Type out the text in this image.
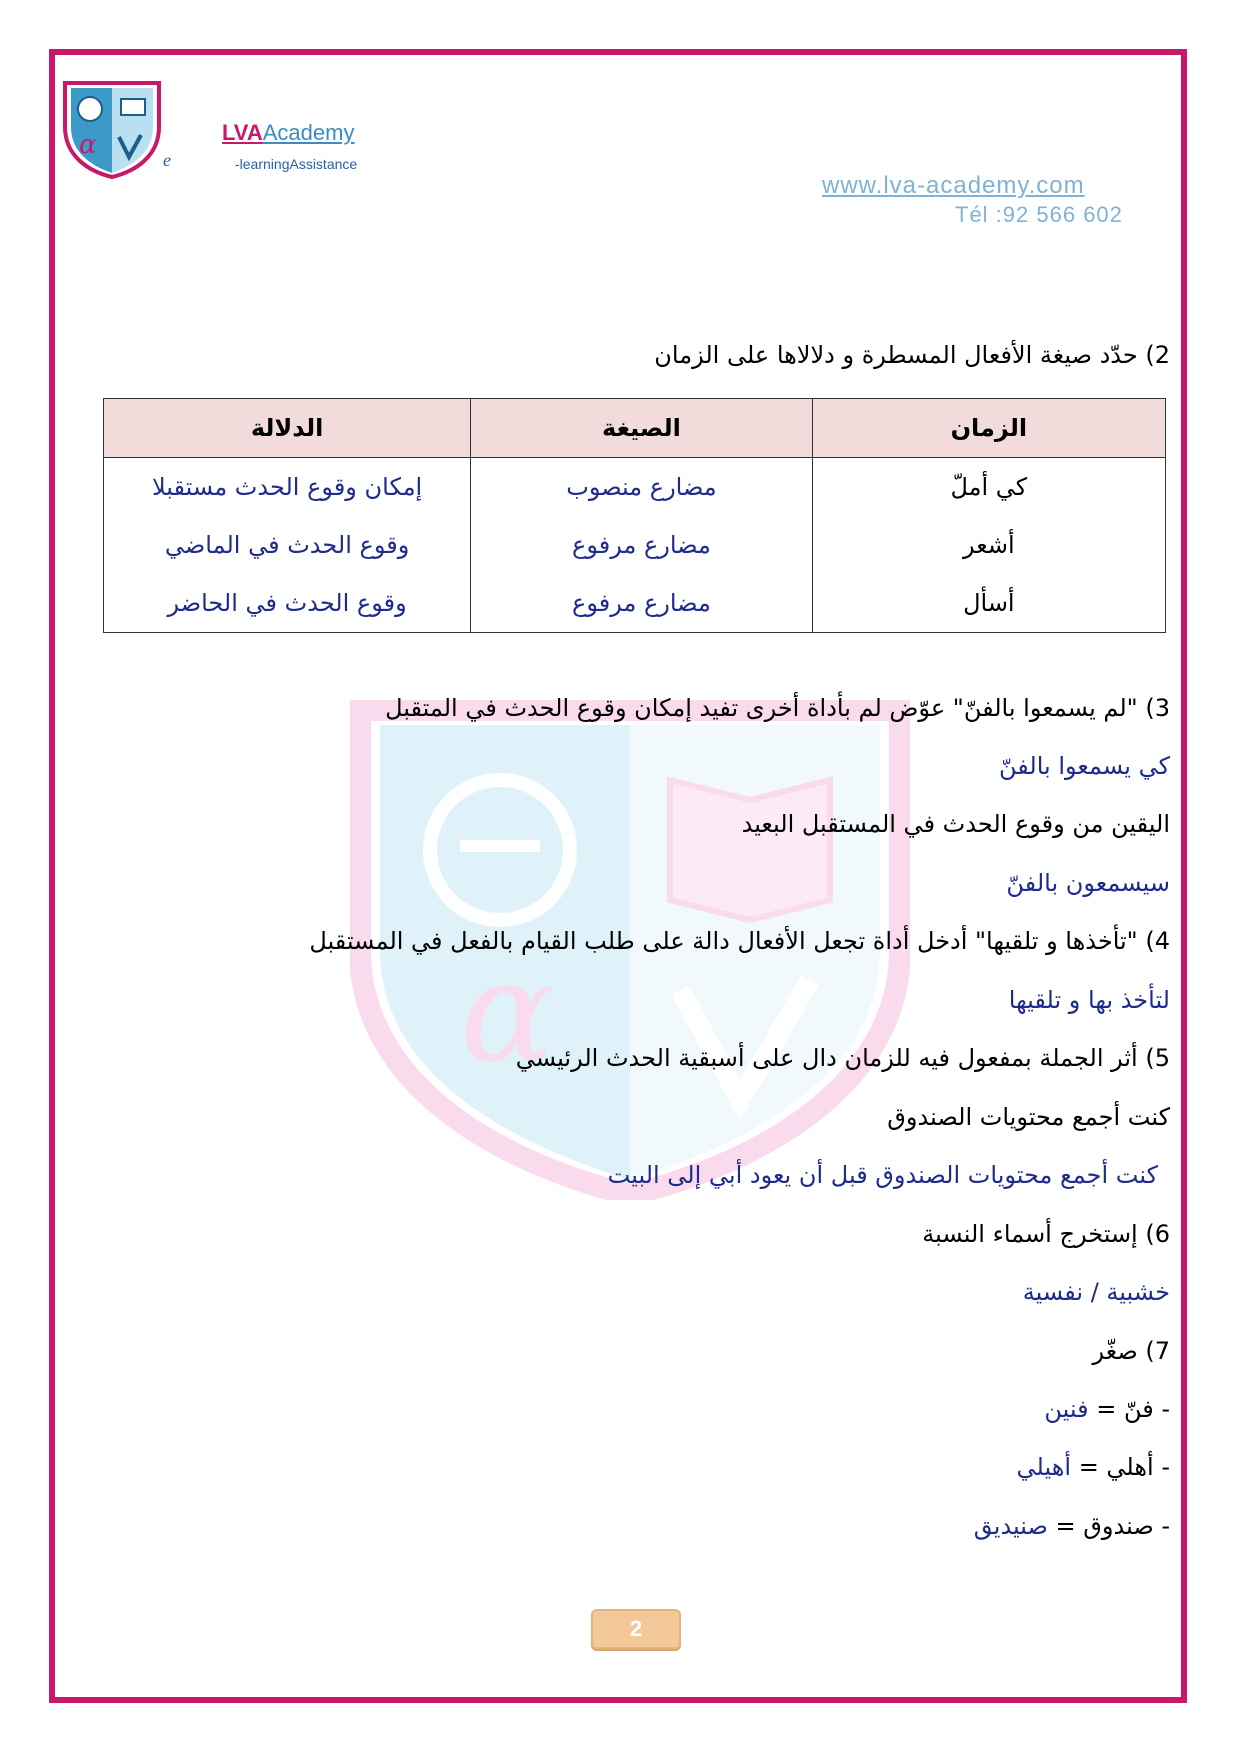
α	LVAAcademy
-learningAssistance
e
www.lva-academy.com
Tél :92 566 602
α
2) حدّد صيغة الأفعال المسطرة و دلالاها على الزمان
الزمان	الصيغة	الدلالة
كي أملّ	مضارع منصوب	إمكان وقوع الحدث مستقبلا
أشعر	مضارع مرفوع	وقوع الحدث في الماضي
أسأل	مضارع مرفوع	وقوع الحدث في الحاضر
3) "لم يسمعوا بالفنّ" عوّض لم بأداة أخرى تفيد إمكان وقوع الحدث في المتقبل
كي يسمعوا بالفنّ
اليقين من وقوع الحدث في المستقبل البعيد
سيسمعون بالفنّ
4) "تأخذها و تلقيها" أدخل أداة تجعل الأفعال دالة على طلب القيام بالفعل في المستقبل
لتأخذ بها و تلقيها
5) أثر الجملة بمفعول فيه للزمان دال على أسبقية الحدث الرئيسي
كنت أجمع محتويات الصندوق
كنت أجمع محتويات الصندوق قبل أن يعود أبي إلى البيت
6) إستخرج أسماء النسبة
خشبية / نفسية
7) صغّر
- فنّ = فنين
- أهلي = أهيلي
- صندوق = صنيديق
2
